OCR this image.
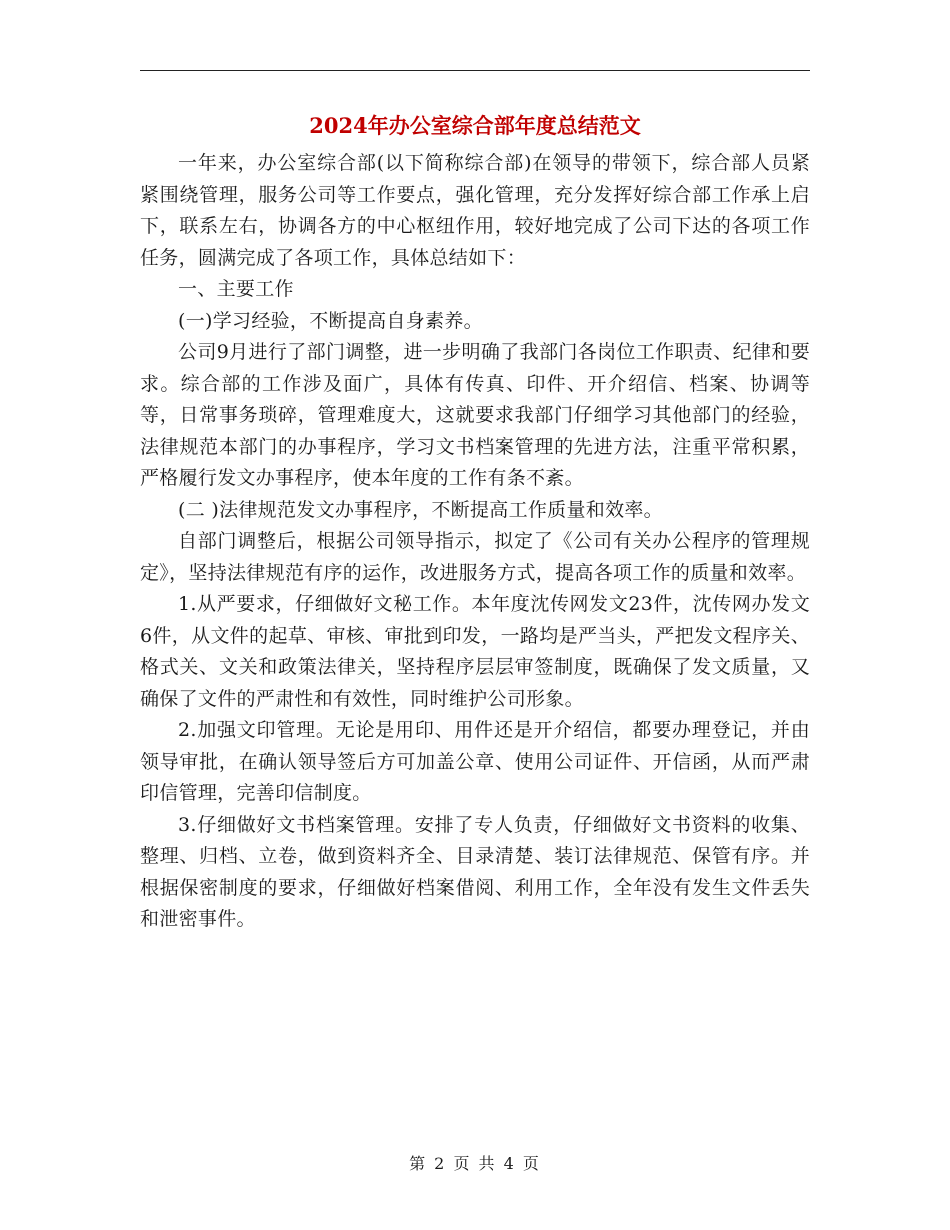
2024年办公室综合部年度总结范文

一年来，办公室综合部(以下简称综合部)在领导的带领下，综合部人员紧紧围绕管理，服务公司等工作要点，强化管理，充分发挥好综合部工作承上启下，联系左右，协调各方的中心枢纽作用，较好地完成了公司下达的各项工作任务，圆满完成了各项工作，具体总结如下：

一、主要工作

(一)学习经验，不断提高自身素养。

公司9月进行了部门调整，进一步明确了我部门各岗位工作职责、纪律和要求。综合部的工作涉及面广，具体有传真、印件、开介绍信、档案、协调等等，日常事务琐碎，管理难度大，这就要求我部门仔细学习其他部门的经验，法律规范本部门的办事程序，学习文书档案管理的先进方法，注重平常积累，严格履行发文办事程序，使本年度的工作有条不紊。

(二 )法律规范发文办事程序，不断提高工作质量和效率。

自部门调整后，根据公司领导指示，拟定了《公司有关办公程序的管理规定》，坚持法律规范有序的运作，改进服务方式，提高各项工作的质量和效率。

1.从严要求，仔细做好文秘工作。本年度沈传网发文23件，沈传网办发文6件，从文件的起草、审核、审批到印发，一路均是严当头，严把发文程序关、格式关、文关和政策法律关，坚持程序层层审签制度，既确保了发文质量，又确保了文件的严肃性和有效性，同时维护公司形象。

2.加强文印管理。无论是用印、用件还是开介绍信，都要办理登记，并由领导审批，在确认领导签后方可加盖公章、使用公司证件、开信函，从而严肃印信管理，完善印信制度。

3.仔细做好文书档案管理。安排了专人负责，仔细做好文书资料的收集、整理、归档、立卷，做到资料齐全、目录清楚、装订法律规范、保管有序。并根据保密制度的要求，仔细做好档案借阅、利用工作，全年没有发生文件丢失和泄密事件。

第 2 页 共 4 页
